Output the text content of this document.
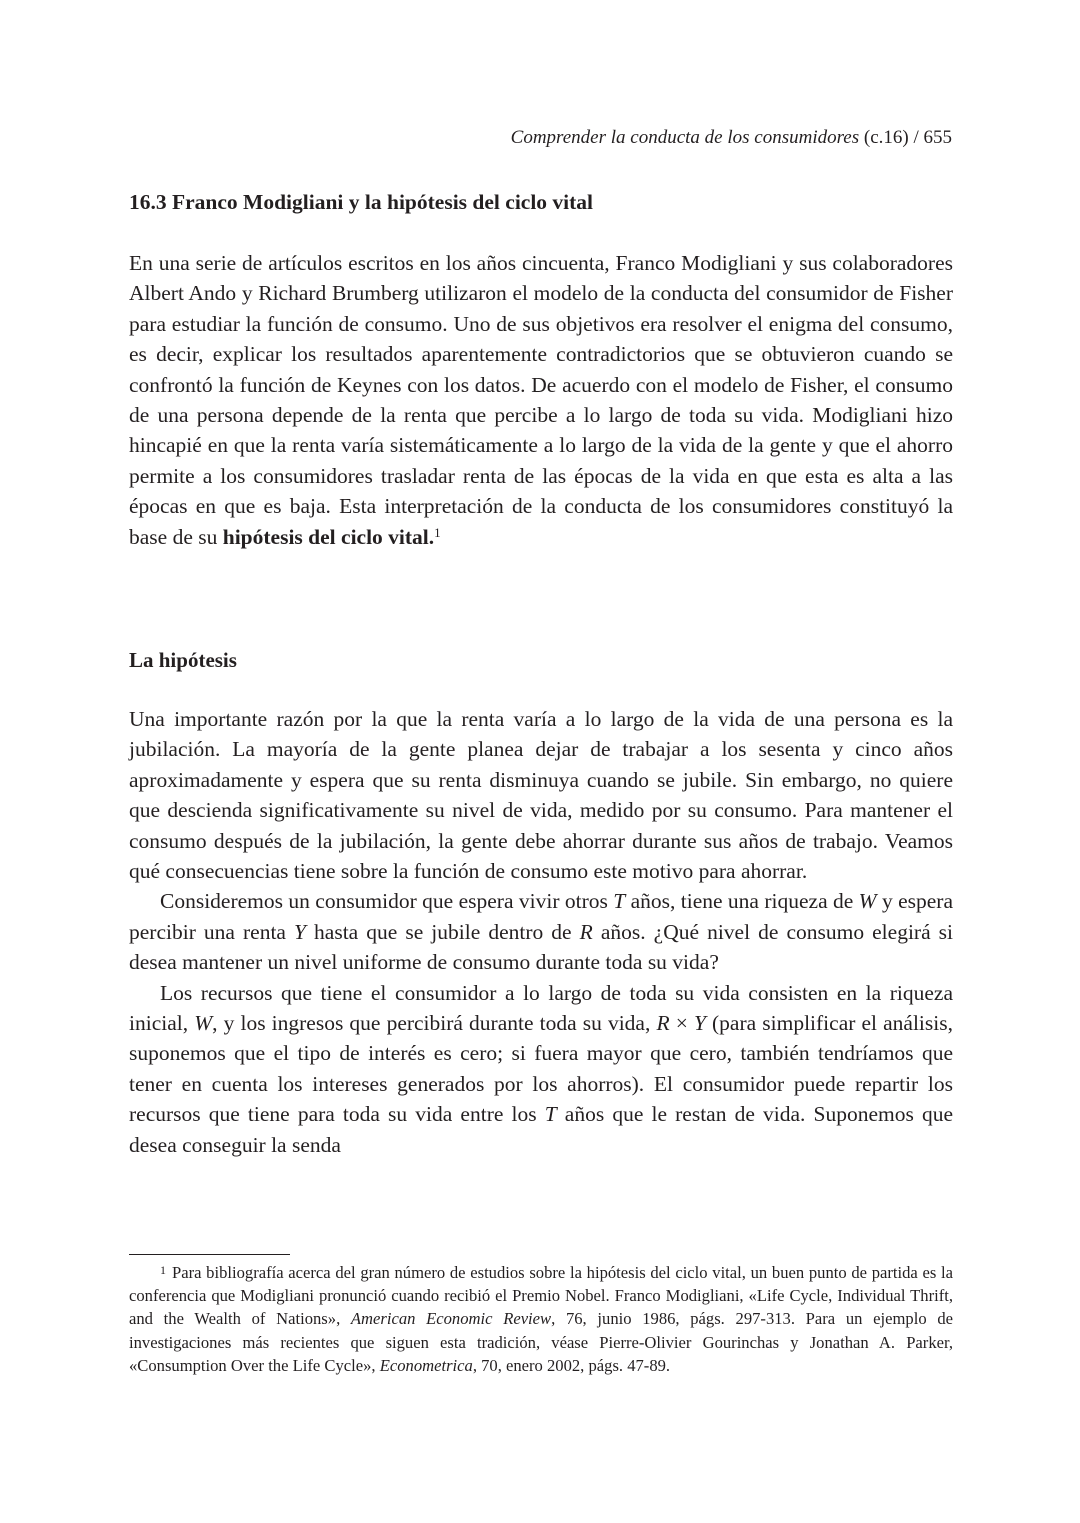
Comprender la conducta de los consumidores (c.16) / 655
16.3 Franco Modigliani y la hipótesis del ciclo vital

En una serie de artículos escritos en los años cincuenta, Franco Modigliani y sus colaboradores Albert Ando y Richard Brumberg utilizaron el modelo de la conducta del consumidor de Fisher para estudiar la función de consumo. Uno de sus objetivos era resolver el enigma del consumo, es decir, explicar los resultados aparentemente contradictorios que se obtuvieron cuando se confrontó la función de Keynes con los datos. De acuerdo con el modelo de Fisher, el consumo de una persona depende de la renta que percibe a lo largo de toda su vida. Modigliani hizo hincapié en que la renta varía sistemáticamente a lo largo de la vida de la gente y que el ahorro permite a los consumidores trasladar renta de las épocas de la vida en que esta es alta a las épocas en que es baja. Esta interpretación de la conducta de los consumidores constituyó la base de su hipótesis del ciclo vital.$^1$

La hipótesis

Una importante razón por la que la renta varía a lo largo de la vida de una persona es la jubilación. La mayoría de la gente planea dejar de trabajar a los sesenta y cinco años aproximadamente y espera que su renta disminuya cuando se jubile. Sin embargo, no quiere que descienda significativamente su nivel de vida, medido por su consumo. Para mantener el consumo después de la jubilación, la gente debe ahorrar durante sus años de trabajo. Veamos qué consecuencias tiene sobre la función de consumo este motivo para ahorrar.

Consideremos un consumidor que espera vivir otros T años, tiene una riqueza de W y espera percibir una renta Y hasta que se jubile dentro de R años. ¿Qué nivel de consumo elegirá si desea mantener un nivel uniforme de consumo durante toda su vida?

Los recursos que tiene el consumidor a lo largo de toda su vida consisten en la riqueza inicial, W, y los ingresos que percibirá durante toda su vida, R × Y (para simplificar el análisis, suponemos que el tipo de interés es cero; si fuera mayor que cero, también tendríamos que tener en cuenta los intereses generados por los ahorros). El consumidor puede repartir los recursos que tiene para toda su vida entre los T años que le restan de vida. Suponemos que desea conseguir la senda

$^1$ Para bibliografía acerca del gran número de estudios sobre la hipótesis del ciclo vital, un buen punto de partida es la conferencia que Modigliani pronunció cuando recibió el Premio Nobel. Franco Modigliani, «Life Cycle, Individual Thrift, and the Wealth of Nations», American Economic Review, 76, junio 1986, págs. 297-313. Para un ejemplo de investigaciones más recientes que siguen esta tradición, véase Pierre-Olivier Gourinchas y Jonathan A. Parker, «Consumption Over the Life Cycle», Econometrica, 70, enero 2002, págs. 47-89.
